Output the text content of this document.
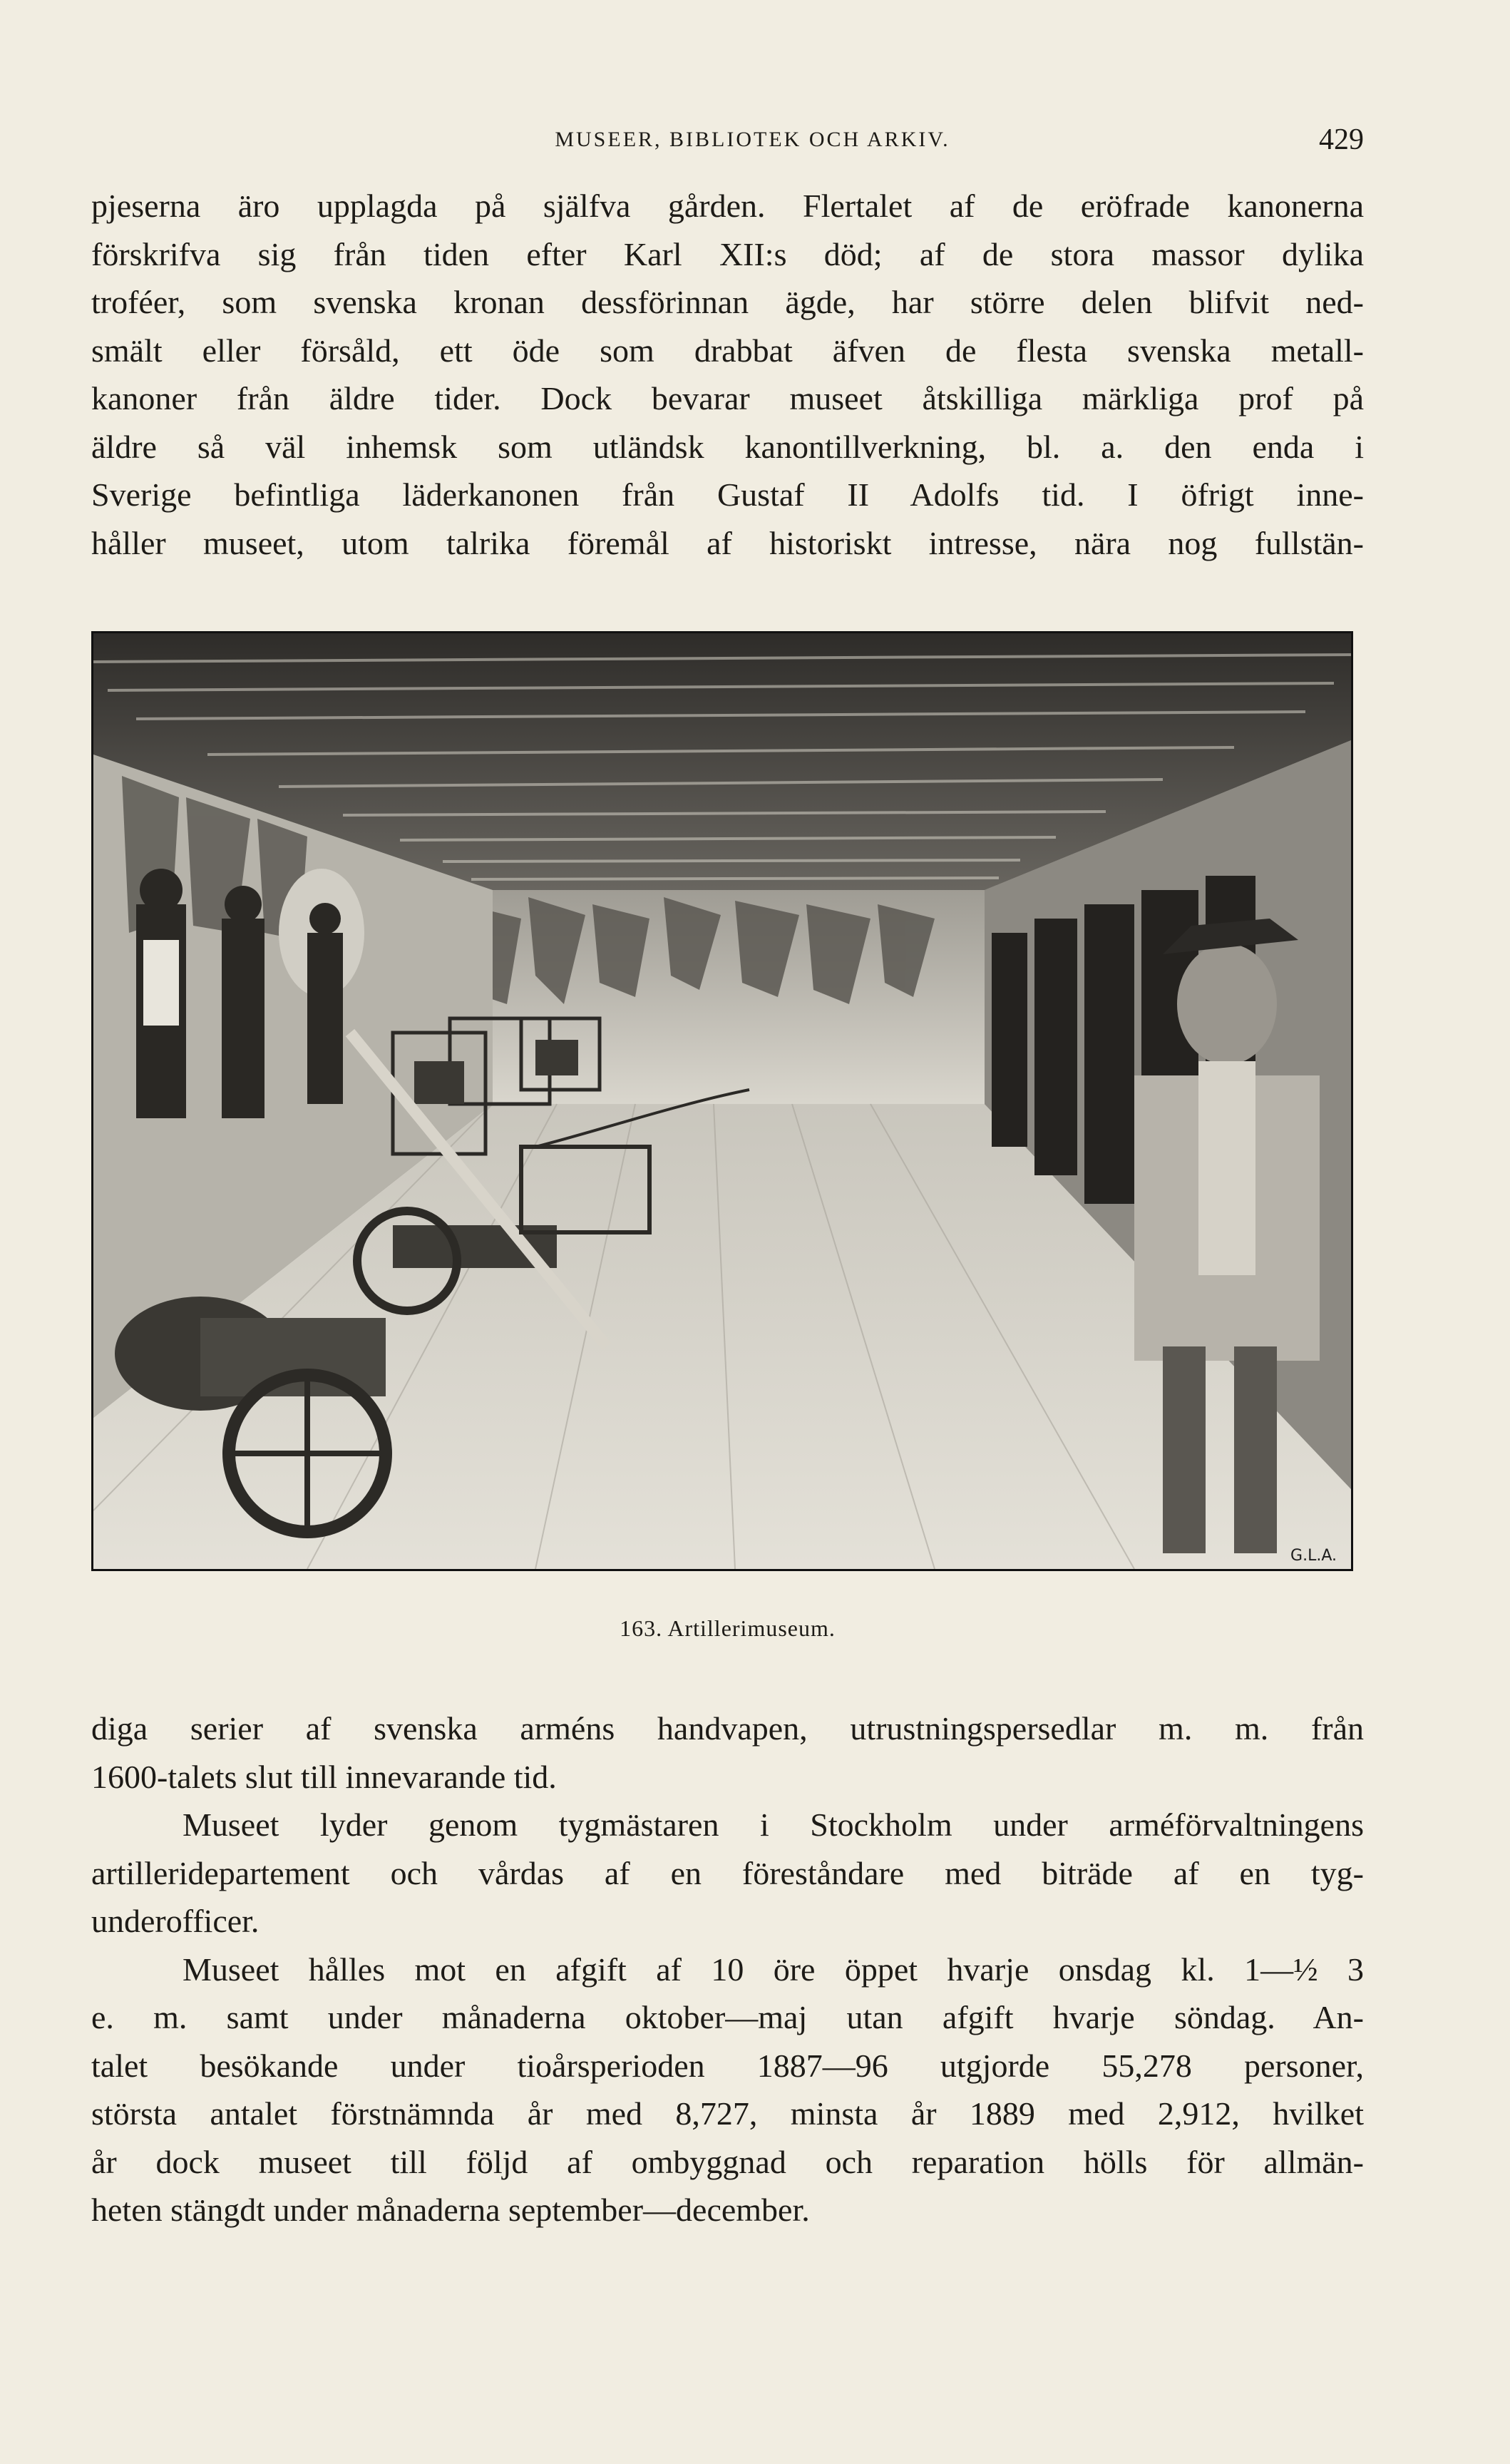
MUSEER, BIBLIOTEK OCH ARKIV.	429
pjeserna äro upplagda på själfva gården. Flertalet af de eröfrade kanonerna
förskrifva sig från tiden efter Karl XII:s död; af de stora massor dylika
troféer, som svenska kronan dessförinnan ägde, har större delen blifvit ned-
smält eller försåld, ett öde som drabbat äfven de flesta svenska metall-
kanoner från äldre tider. Dock bevarar museet åtskilliga märkliga prof på
äldre så väl inhemsk som utländsk kanontillverkning, bl. a. den enda i
Sverige befintliga läderkanonen från Gustaf II Adolfs tid. I öfrigt inne-
håller museet, utom talrika föremål af historiskt intresse, nära nog fullstän-
G.L.A.
163. Artillerimuseum.
diga serier af svenska arméns handvapen, utrustningspersedlar m. m. från
1600-talets slut till innevarande tid.
Museet lyder genom tygmästaren i Stockholm under arméförvaltningens
artilleridepartement och vårdas af en föreståndare med biträde af en tyg-
underofficer.
Museet hålles mot en afgift af 10 öre öppet hvarje onsdag kl. 1—½ 3
e. m. samt under månaderna oktober—maj utan afgift hvarje söndag. An-
talet besökande under tioårsperioden 1887—96 utgjorde 55,278 personer,
största antalet förstnämnda år med 8,727, minsta år 1889 med 2,912, hvilket
år dock museet till följd af ombyggnad och reparation hölls för allmän-
heten stängdt under månaderna september—december.
